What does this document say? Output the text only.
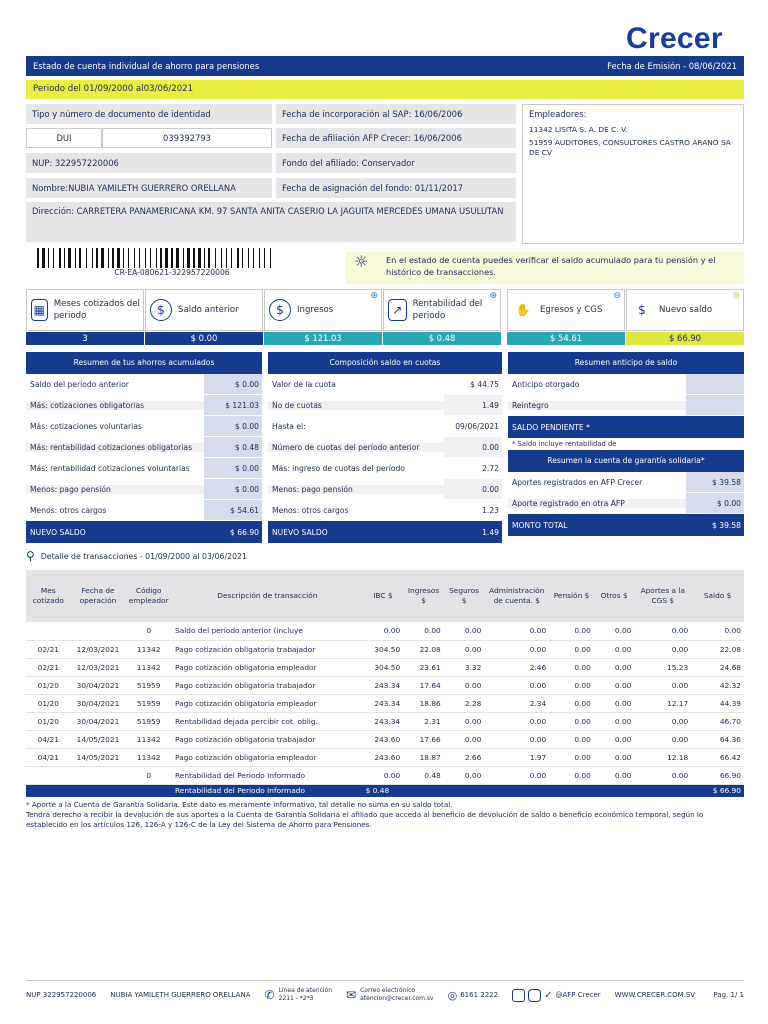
Crecer
Estado de cuenta individual de ahorro para pensiones	Fecha de Emisión - 08/06/2021
Periodo del 01/09/2000 al03/06/2021
Tipo y número de documento de identidad
DUI	039392793
NUP: 322957220006
Nombre:NUBIA YAMILETH GUERRERO ORELLANA
Fecha de incorporación al SAP: 16/06/2006
Fecha de afiliación AFP Crecer: 16/06/2006
Fondo del afiliado: Conservador
Fecha de asignación del fondo: 01/11/2017
Dirección: CARRETERA PANAMERICANA KM. 97 SANTA ANITA CASERIO LA JAGUITA MERCEDES UMANA USULUTAN
Empleadores:
11342 LISITA S. A. DE C. V.
51959 AUDITORES, CONSULTORES CASTRO ARANO SA DE CV
CR-EA-080621-322957220006
☼ En el estado de cuenta puedes verificar el saldo acumulado para tu pensión y el histórico de transacciones.
▦	Meses cotizados del periodo	$	Saldo anterior	$	Ingresos
⊕
↗	Rentabilidad del periodo
⊕
✋	Egresos y CGS
⊖
$	Nuevo saldo
⊜
3	$ 0.00	$ 121.03	$ 0.48	$ 54.61	$ 66.90
Resumen de tus ahorros acumulados
Saldo del período anterior	$ 0.00
Más: cotizaciones obligatorias	$ 121.03
Más: cotizaciones voluntarias	$ 0.00
Más: rentabilidad cotizaciones obligatorias	$ 0.48
Más: rentabilidad cotizaciones voluntarias	$ 0.00
Menos: pago pensión	$ 0.00
Menos: otros cargos	$ 54.61
NUEVO SALDO	$ 66.90
Composición saldo en cuotas
Valor de la cuota	$ 44.75
No de cuotas	1.49
Hasta el:	09/06/2021
Número de cuotas del período anterior	0.00
Más: ingreso de cuotas del período	2.72
Menos: pago pensión	0.00
Menos: otros cargos	1.23
NUEVO SALDO	1.49
Resumen anticipo de saldo
Anticipo otorgado
Reintegro
SALDO PENDIENTE *
* Saldo incluye rentabilidad de
Resumen la cuenta de garantía solidaria*
Aportes registrados en AFP Crecer	$ 39.58
Aporte registrado en otra AFP	$ 0.00
MONTO TOTAL	$ 39.58
⚲ Detalle de transacciones - 01/09/2000 al 03/06/2021
Mes cotizado	Fecha de operación	Código empleador	Descripción de transacción	IBC $	Ingresos $	Seguros $	Administración de cuenta. $	Pensión $	Otros $	Aportes a la CGS $	Saldo $
		0	Saldo del período anterior (incluye	0.00	0.00	0.00	0.00	0.00	0.00	0.00	0.00
02/21	12/03/2021	11342	Pago cotización obligatoria trabajador	304.50	22.08	0.00	0.00	0.00	0.00	0.00	22.08
02/21	12/03/2021	11342	Pago cotización obligatoria empleador	304.50	23.61	3.32	2.46	0.00	0.00	15.23	24.68
01/20	30/04/2021	51959	Pago cotización obligatoria trabajador	243.34	17.64	0.00	0.00	0.00	0.00	0.00	42.32
01/20	30/04/2021	51959	Pago cotización obligatoria empleador	243.34	18.86	2.28	2.34	0.00	0.00	12.17	44.39
01/20	30/04/2021	51959	Rentabilidad dejada percibir cot. oblig.	243.34	2.31	0.00	0.00	0.00	0.00	0.00	46.70
04/21	14/05/2021	11342	Pago cotización obligatoria trabajador	243.60	17.66	0.00	0.00	0.00	0.00	0.00	64.36
04/21	14/05/2021	11342	Pago cotización obligatoria empleador	243.60	18.87	2.66	1.97	0.00	0.00	12.18	66.42
		0	Rentabilidad del Periodo Informado	0.00	0.48	0.00	0.00	0.00	0.00	0.00	66.90
			Rentabilidad del Periodo Informado	$ 0.48							$ 66.90
* Aporte a la Cuenta de Garantía Solidaria. Este dato es meramente informativo, tal detalle no suma en su saldo total.
Tendrá derecho a recibir la devolución de sus aportes a la Cuenta de Garantía Solidaria el afiliado que acceda al beneficio de devolución de saldo o beneficio económico temporal, según lo establecido en los artículos 126, 126-A y 126-C de la Ley del Sistema de Ahorro para Pensiones.
NUP 322957220006 NUBIA YAMILETH GUERRERO ORELLANA ✆ Línea de atención
2211 - *2*3	✉ Correo electrónico
atencion@crecer.com.sv ◎ 6161 2222	✓ @AFP Crecer WWW.CRECER.COM.SV	Pag. 1/ 1
